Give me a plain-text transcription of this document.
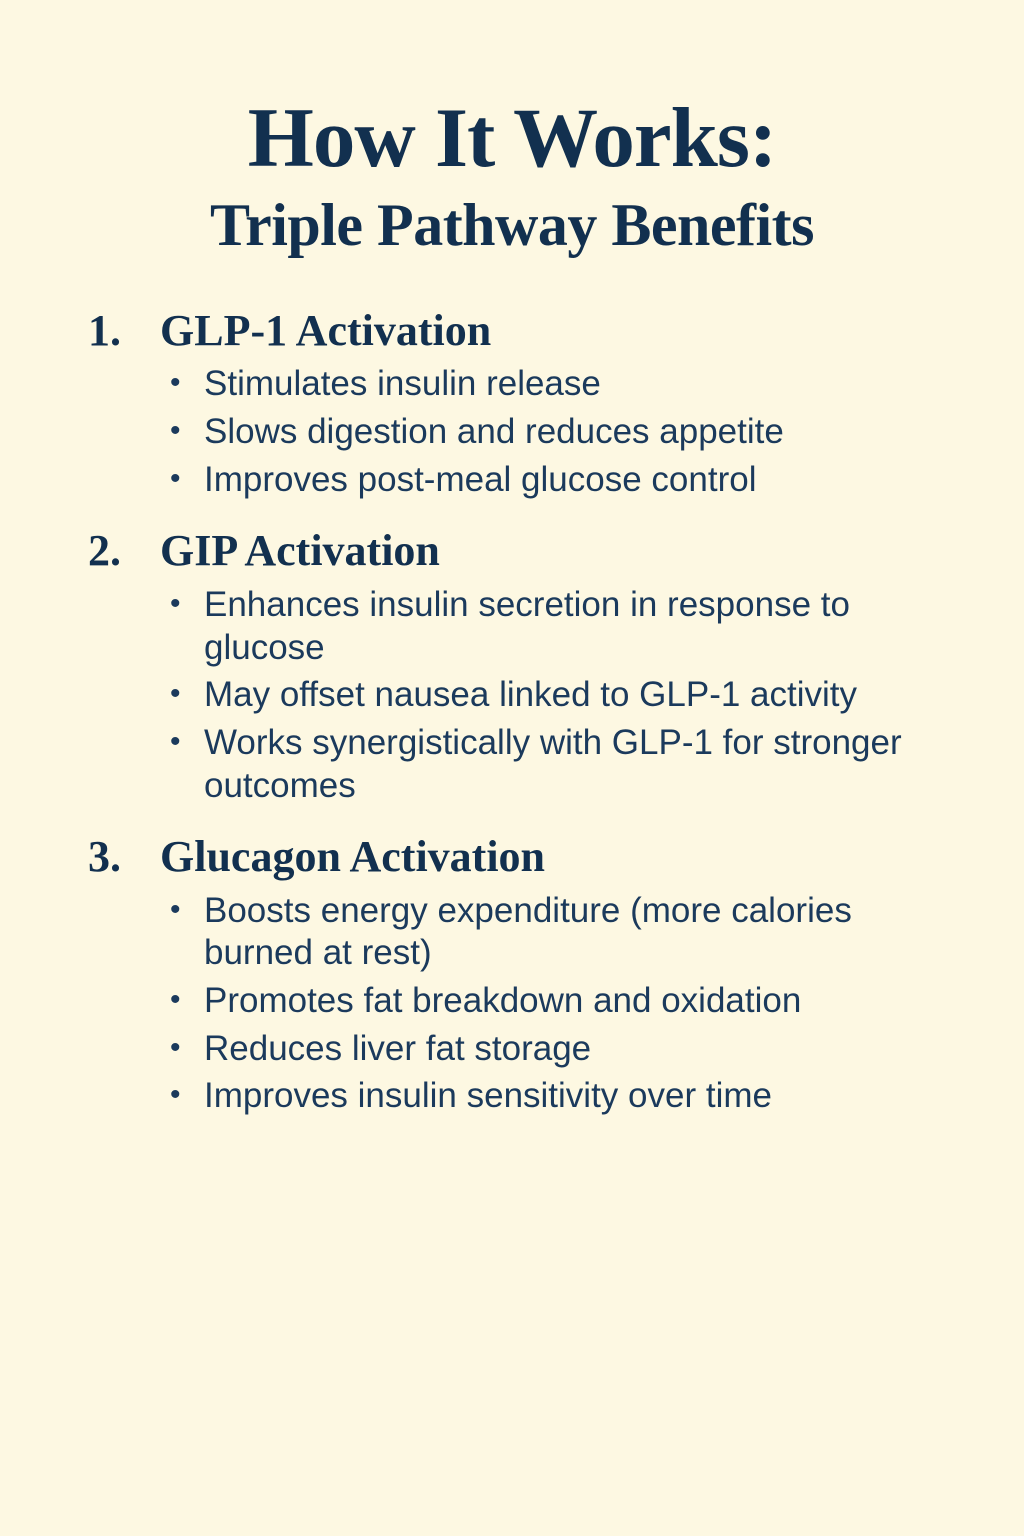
How It Works:
Triple Pathway Benefits
1. GLP-1 Activation
• Stimulates insulin release
• Slows digestion and reduces appetite
• Improves post-meal glucose control
2. GIP Activation
• Enhances insulin secretion in response to glucose
• May offset nausea linked to GLP-1 activity
• Works synergistically with GLP-1 for stronger outcomes
3. Glucagon Activation
• Boosts energy expenditure (more calories burned at rest)
• Promotes fat breakdown and oxidation
• Reduces liver fat storage
• Improves insulin sensitivity over time
